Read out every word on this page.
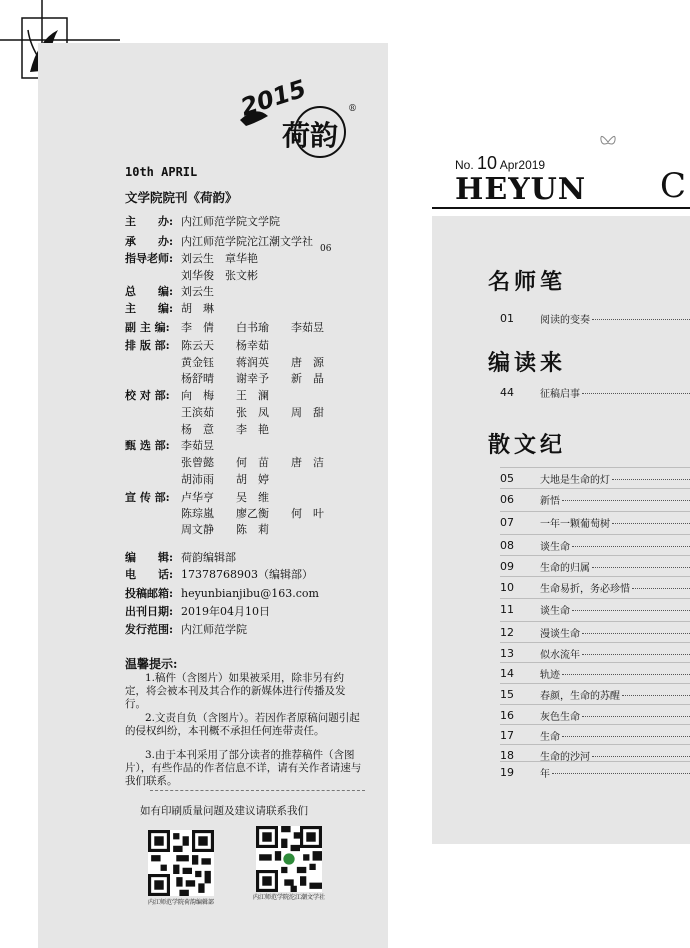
2015
荷韵
®
10th APRIL
文学院院刊《荷韵》
主　　办: 内江师范学院文学院
承　　办: 内江师范学院沱江潮文学社
指导老师: 刘云生　章华艳
刘华俊　张文彬
总　　编: 刘云生
主　　编: 胡　琳
副 主 编: 李　倩　　白书瑜　　李茹昱
排 版 部: 陈云天　　杨幸茹
黄金钰　　蒋润英　　唐　源
杨舒晴　　谢幸予　　新　晶
校 对 部: 向　梅　　王　澜
王滨茹　　张　凤　　周　甜
杨　意　　李　艳
甄 选 部: 李茹昱
张曾懿　　何　苗　　唐　洁
胡沛雨　　胡　婷
宣 传 部: 卢华亨　　吴　维
陈琮嵐　　廖乙衡　　何　叶
周文静　　陈　莉
编　　辑: 荷韵编辑部
电　　话: 17378768903（编辑部）
投稿邮箱: heyunbianjibu@163.com
出刊日期: 2019年04月10日
发行范围: 内江师范学院
06
温馨提示:
1.稿件（含图片）如果被采用，除非另有约定，将会被本刊及其合作的新媒体进行传播及发行。
2.文责自负（含图片）。若因作者原稿问题引起的侵权纠纷，本刊概不承担任何连带责任。
3.由于本刊采用了部分读者的推荐稿件（含图片），有些作品的作者信息不详，请有关作者请速与我们联系。
如有印刷质量问题及建议请联系我们
内江师范学院荷韵编辑部
内江师范学院沱江潮文学社
No. 10 Apr2019
HEYUN C
名师笔
01	阅读的变奏
编读来
44	征稿启事
散文纪
05	大地是生命的灯
06	新悟
07	一年一颗葡萄树
08	谈生命
09	生命的归属
10	生命易折，务必珍惜
11	谈生命
12	漫谈生命
13	似水流年
14	轨迹
15	春颜，生命的苏醒
16	灰色生命
17	生命
18	生命的沙河
19	年
